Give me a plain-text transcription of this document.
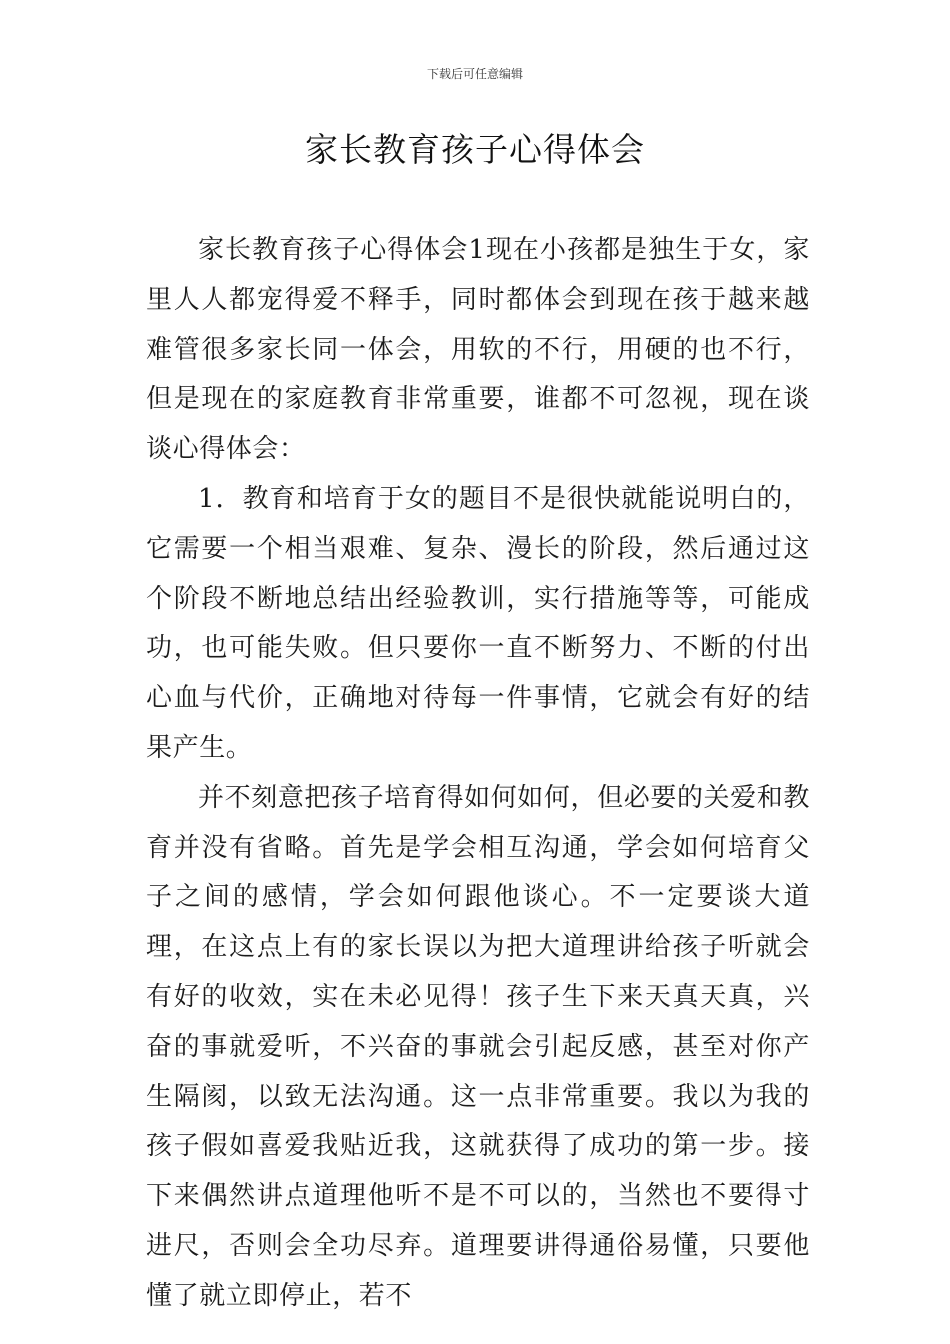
下载后可任意编辑
家长教育孩子心得体会

家长教育孩子心得体会1现在小孩都是独生于女，家里人人都宠得爱不释手，同时都体会到现在孩于越来越难管很多家长同一体会，用软的不行，用硬的也不行，但是现在的家庭教育非常重要，谁都不可忽视，现在谈谈心得体会：

1．教育和培育于女的题目不是很快就能说明白的，它需要一个相当艰难、复杂、漫长的阶段，然后通过这个阶段不断地总结出经验教训，实行措施等等，可能成功，也可能失败。但只要你一直不断努力、不断的付出心血与代价，正确地对待每一件事情，它就会有好的结果产生。

并不刻意把孩子培育得如何如何，但必要的关爱和教育并没有省略。首先是学会相互沟通，学会如何培育父子之间的感情，学会如何跟他谈心。不一定要谈大道理，在这点上有的家长误以为把大道理讲给孩子听就会有好的收效，实在未必见得！孩子生下来天真天真，兴奋的事就爱听，不兴奋的事就会引起反感，甚至对你产生隔阂，以致无法沟通。这一点非常重要。我以为我的孩子假如喜爱我贴近我，这就获得了成功的第一步。接下来偶然讲点道理他听不是不可以的，当然也不要得寸进尺，否则会全功尽弃。道理要讲得通俗易懂，只要他懂了就立即停止，若不
